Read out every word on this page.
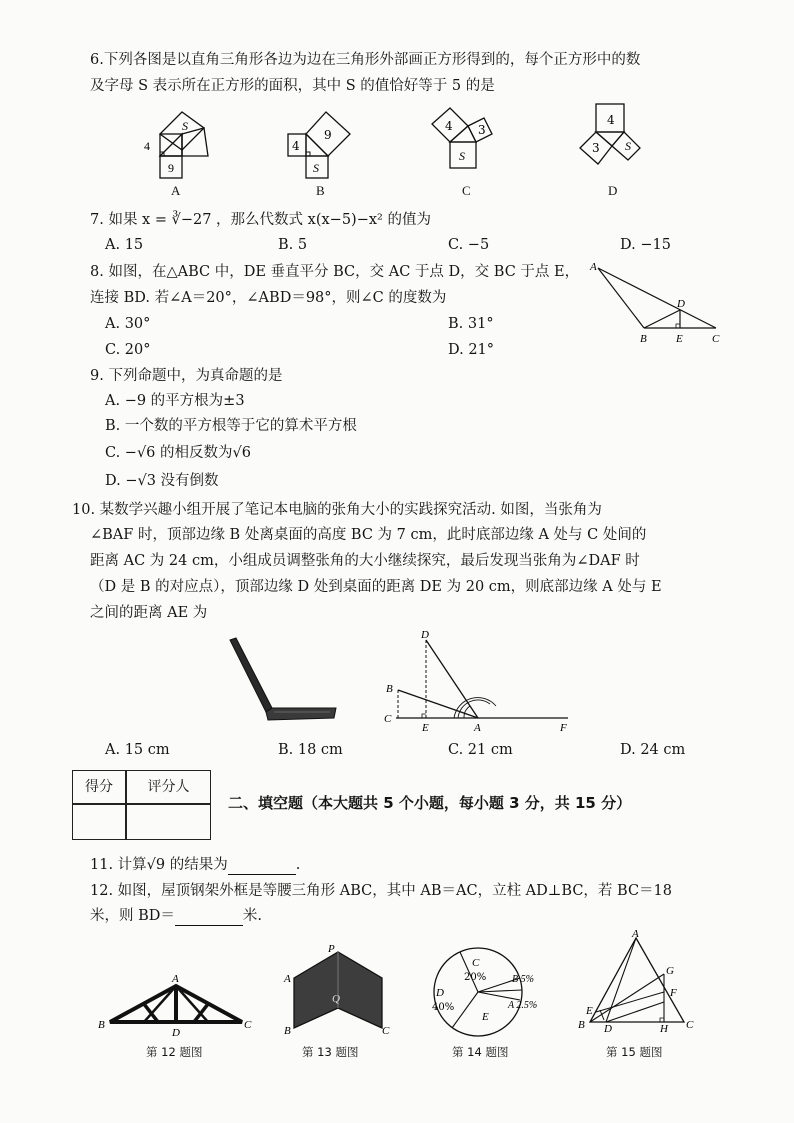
6.下列各图是以直角三角形各边为边在三角形外部画正方形得到的，每个正方形中的数
及字母 S 表示所在正方形的面积，其中 S 的值恰好等于 5 的是
4
S
9
A
4
9
S
B
4 3
S
C
4
3 S
D
7. 如果 x = ∛−27 ，那么代数式 x(x−5)−x² 的值为
A. 15	B. 5	C. −5	D. −15
8. 如图，在△ABC 中，DE 垂直平分 BC，交 AC 于点 D，交 BC 于点 E，
连接 BD. 若∠A＝20°，∠ABD＝98°，则∠C 的度数为
A. 30°	B. 31°
C. 20°	D. 21°
A
D
B	E	C
9. 下列命题中，为真命题的是
A. −9 的平方根为±3
B. 一个数的平方根等于它的算术平方根
C. −√6 的相反数为√6
D. −√3 没有倒数
10. 某数学兴趣小组开展了笔记本电脑的张角大小的实践探究活动. 如图，当张角为
∠BAF 时，顶部边缘 B 处离桌面的高度 BC 为 7 cm，此时底部边缘 A 处与 C 处间的
距离 AC 为 24 cm，小组成员调整张角的大小继续探究，最后发现当张角为∠DAF 时
（D 是 B 的对应点），顶部边缘 D 处到桌面的距离 DE 为 20 cm，则底部边缘 A 处与 E
之间的距离 AE 为
D
B
C
E	A	F
A. 15 cm	B. 18 cm	C. 21 cm	D. 24 cm
得分	评分人
二、填空题（本大题共 5 个小题，每小题 3 分，共 15 分）
11. 计算√9 的结果为	.
12. 如图，屋顶钢架外框是等腰三角形 ABC，其中 AB＝AC，立柱 AD⊥BC，若 BC＝18
米，则 BD＝	米.
A
B
D
C
第 12 题图
P
A
Q
B	C
第 13 题图
C
20%	B 5%
D
40%	A 2.5%
E
第 14 题图
A
G
F
E
B D	H C
第 15 题图
